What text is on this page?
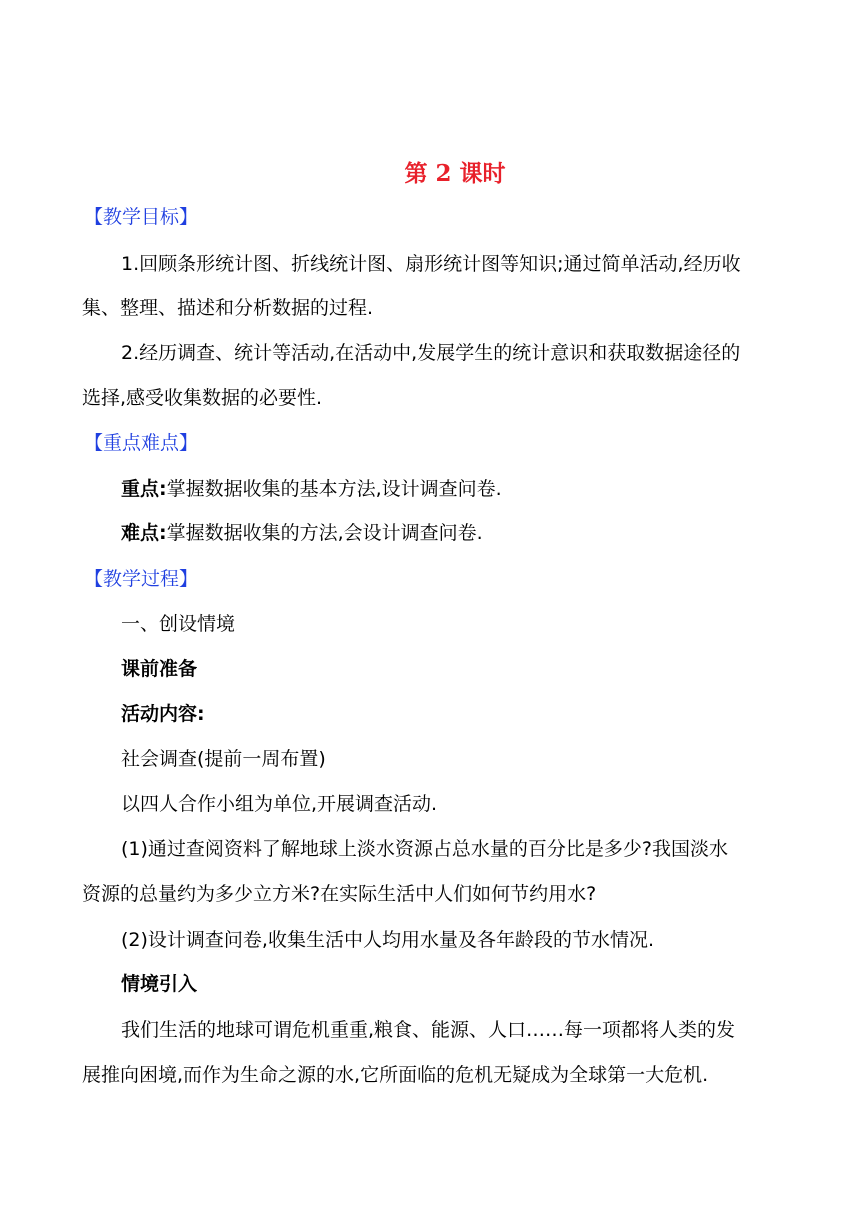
第 2 课时
【教学目标】
1.回顾条形统计图、折线统计图、扇形统计图等知识;通过简单活动,经历收
集、整理、描述和分析数据的过程.
2.经历调查、统计等活动,在活动中,发展学生的统计意识和获取数据途径的
选择,感受收集数据的必要性.
【重点难点】
重点:掌握数据收集的基本方法,设计调查问卷.
难点:掌握数据收集的方法,会设计调查问卷.
【教学过程】
一、创设情境
课前准备
活动内容:
社会调查(提前一周布置)
以四人合作小组为单位,开展调查活动.
(1)通过查阅资料了解地球上淡水资源占总水量的百分比是多少?我国淡水
资源的总量约为多少立方米?在实际生活中人们如何节约用水?
(2)设计调查问卷,收集生活中人均用水量及各年龄段的节水情况.
情境引入
我们生活的地球可谓危机重重,粮食、能源、人口……每一项都将人类的发
展推向困境,而作为生命之源的水,它所面临的危机无疑成为全球第一大危机.
